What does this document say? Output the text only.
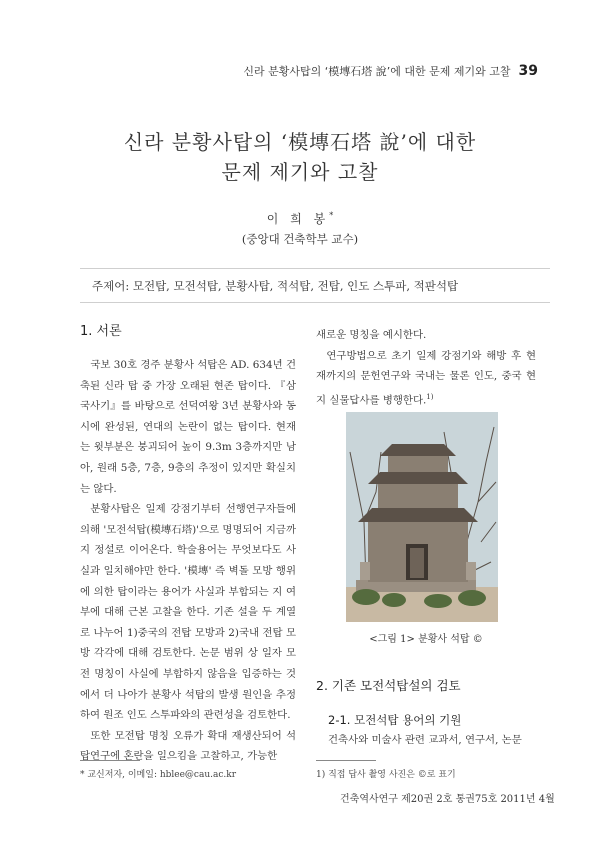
신라 분황사탑의 ‘模塼石塔 說’에 대한 문제 제기와 고찰 39
신라 분황사탑의 ‘模塼石塔 說’에 대한
문제 제기와 고찰
이 희 봉*
(중앙대 건축학부 교수)
주제어: 모전탑, 모전석탑, 분황사탑, 적석탑, 전탑, 인도 스투파, 적판석탑
1. 서론

국보 30호 경주 분황사 석탑은 AD. 634년 건축된 신라 탑 중 가장 오래된 현존 탑이다. 『삼국사기』를 바탕으로 선덕여왕 3년 분황사와 동시에 완성된, 연대의 논란이 없는 탑이다. 현재는 윗부분은 붕괴되어 높이 9.3m 3층까지만 남아, 원래 5층, 7층, 9층의 추정이 있지만 확실치는 않다.

분황사탑은 일제 강점기부터 선행연구자들에 의해 '모전석탑(模塼石塔)'으로 명명되어 지금까지 정설로 이어온다. 학술용어는 무엇보다도 사실과 일치해야만 한다. '模塼' 즉 벽돌 모방 행위에 의한 탑이라는 용어가 사실과 부합되는 지 여부에 대해 근본 고찰을 한다. 기존 설을 두 계열로 나누어 1)중국의 전탑 모방과 2)국내 전탑 모방 각각에 대해 검토한다. 논문 범위 상 일자 모전 명칭이 사실에 부합하지 않음을 입증하는 것에서 더 나아가 분황사 석탑의 발생 원인을 추정하여 원조 인도 스투파와의 관련성을 검토한다.

또한 모전탑 명칭 오류가 확대 재생산되어 석탑연구에 혼란을 일으킴을 고찰하고, 가능한

새로운 명칭을 예시한다.

연구방법으로 초기 일제 강점기와 해방 후 현재까지의 문헌연구와 국내는 물론 인도, 중국 현지 실물답사를 병행한다.$^{1)}$

<그림 1> 분황사 석탑 ©
2. 기존 모전석탑설의 검토
2-1. 모전석탑 용어의 기원
건축사와 미술사 관련 교과서, 연구서, 논문
* 교신저자, 이메일: hblee@cau.ac.kr	1) 직접 답사 촬영 사진은 ©로 표기
건축역사연구 제20권 2호 통권75호 2011년 4월
